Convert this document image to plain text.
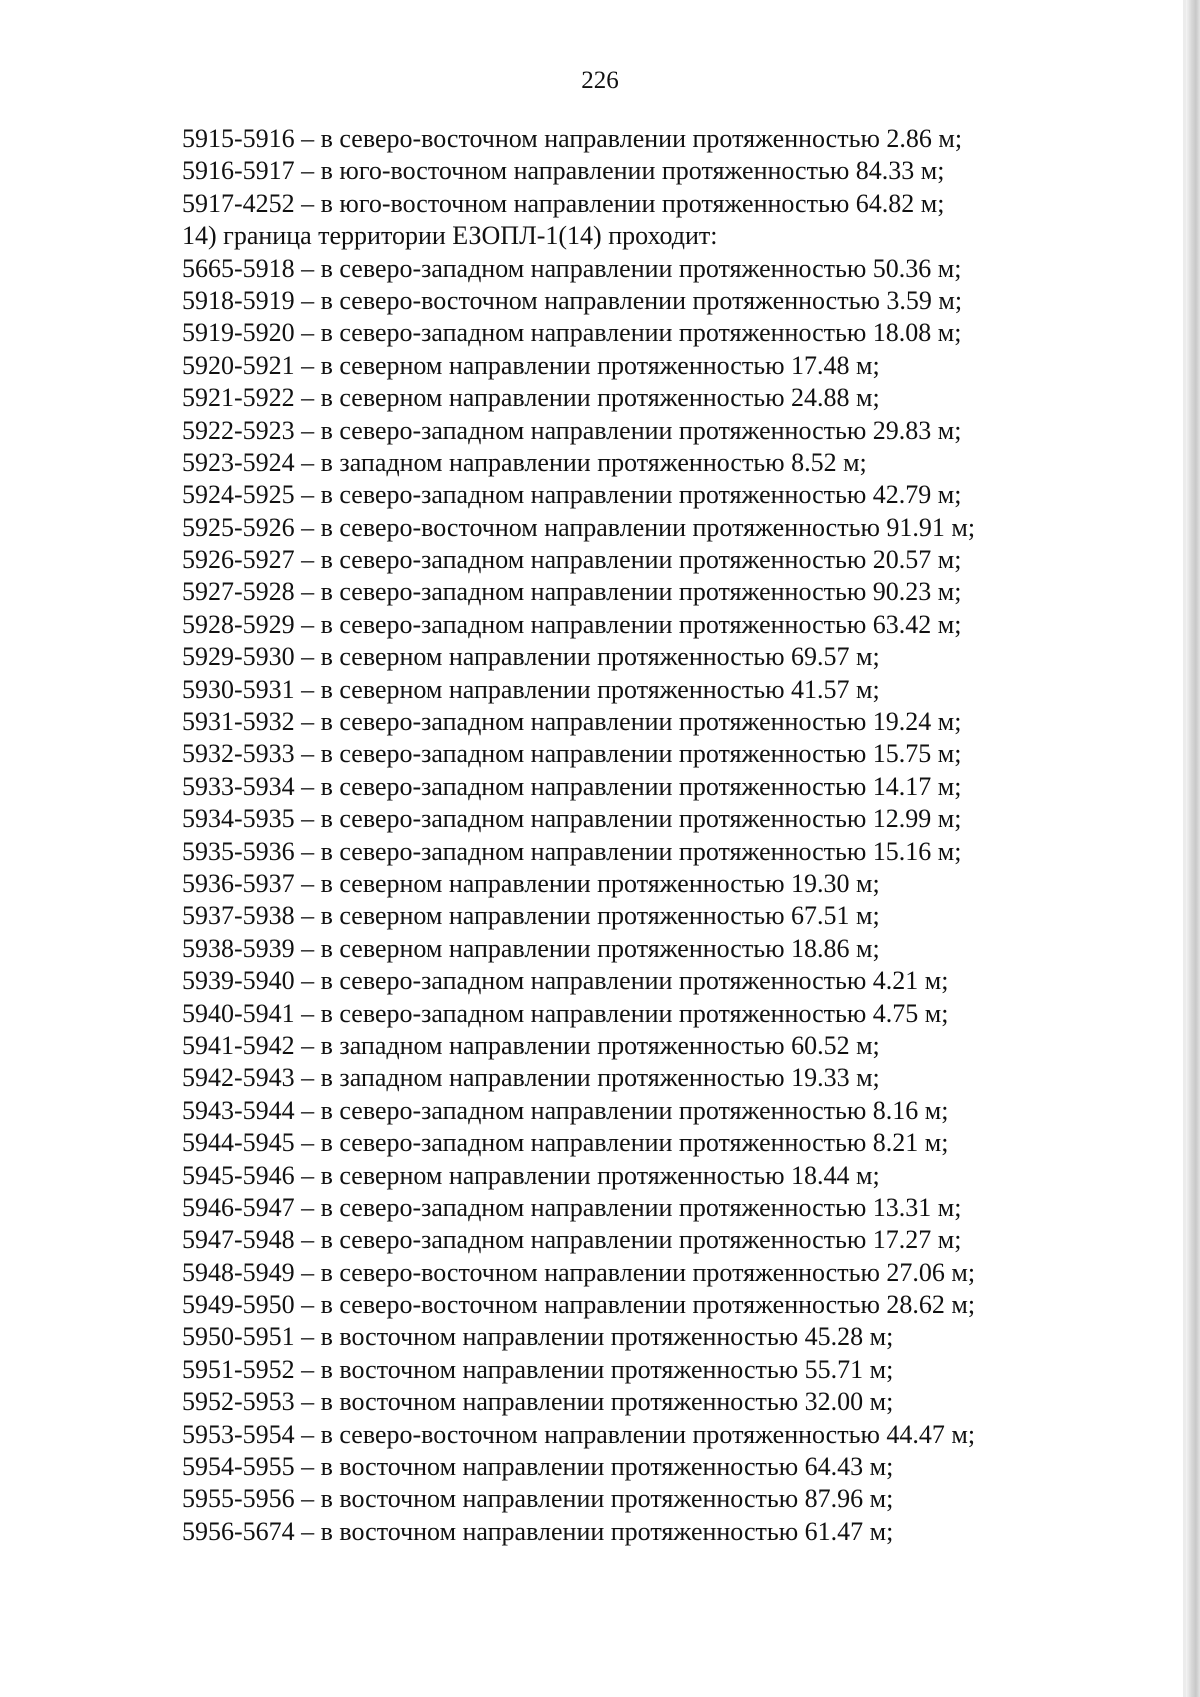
226
5915-5916 – в северо-восточном направлении протяженностью 2.86 м;
5916-5917 – в юго-восточном направлении протяженностью 84.33 м;
5917-4252 – в юго-восточном направлении протяженностью 64.82 м;
14) граница территории ЕЗОПЛ-1(14) проходит:
5665-5918 – в северо-западном направлении протяженностью 50.36 м;
5918-5919 – в северо-восточном направлении протяженностью 3.59 м;
5919-5920 – в северо-западном направлении протяженностью 18.08 м;
5920-5921 – в северном направлении протяженностью 17.48 м;
5921-5922 – в северном направлении протяженностью 24.88 м;
5922-5923 – в северо-западном направлении протяженностью 29.83 м;
5923-5924 – в западном направлении протяженностью 8.52 м;
5924-5925 – в северо-западном направлении протяженностью 42.79 м;
5925-5926 – в северо-восточном направлении протяженностью 91.91 м;
5926-5927 – в северо-западном направлении протяженностью 20.57 м;
5927-5928 – в северо-западном направлении протяженностью 90.23 м;
5928-5929 – в северо-западном направлении протяженностью 63.42 м;
5929-5930 – в северном направлении протяженностью 69.57 м;
5930-5931 – в северном направлении протяженностью 41.57 м;
5931-5932 – в северо-западном направлении протяженностью 19.24 м;
5932-5933 – в северо-западном направлении протяженностью 15.75 м;
5933-5934 – в северо-западном направлении протяженностью 14.17 м;
5934-5935 – в северо-западном направлении протяженностью 12.99 м;
5935-5936 – в северо-западном направлении протяженностью 15.16 м;
5936-5937 – в северном направлении протяженностью 19.30 м;
5937-5938 – в северном направлении протяженностью 67.51 м;
5938-5939 – в северном направлении протяженностью 18.86 м;
5939-5940 – в северо-западном направлении протяженностью 4.21 м;
5940-5941 – в северо-западном направлении протяженностью 4.75 м;
5941-5942 – в западном направлении протяженностью 60.52 м;
5942-5943 – в западном направлении протяженностью 19.33 м;
5943-5944 – в северо-западном направлении протяженностью 8.16 м;
5944-5945 – в северо-западном направлении протяженностью 8.21 м;
5945-5946 – в северном направлении протяженностью 18.44 м;
5946-5947 – в северо-западном направлении протяженностью 13.31 м;
5947-5948 – в северо-западном направлении протяженностью 17.27 м;
5948-5949 – в северо-восточном направлении протяженностью 27.06 м;
5949-5950 – в северо-восточном направлении протяженностью 28.62 м;
5950-5951 – в восточном направлении протяженностью 45.28 м;
5951-5952 – в восточном направлении протяженностью 55.71 м;
5952-5953 – в восточном направлении протяженностью 32.00 м;
5953-5954 – в северо-восточном направлении протяженностью 44.47 м;
5954-5955 – в восточном направлении протяженностью 64.43 м;
5955-5956 – в восточном направлении протяженностью 87.96 м;
5956-5674 – в восточном направлении протяженностью 61.47 м;
